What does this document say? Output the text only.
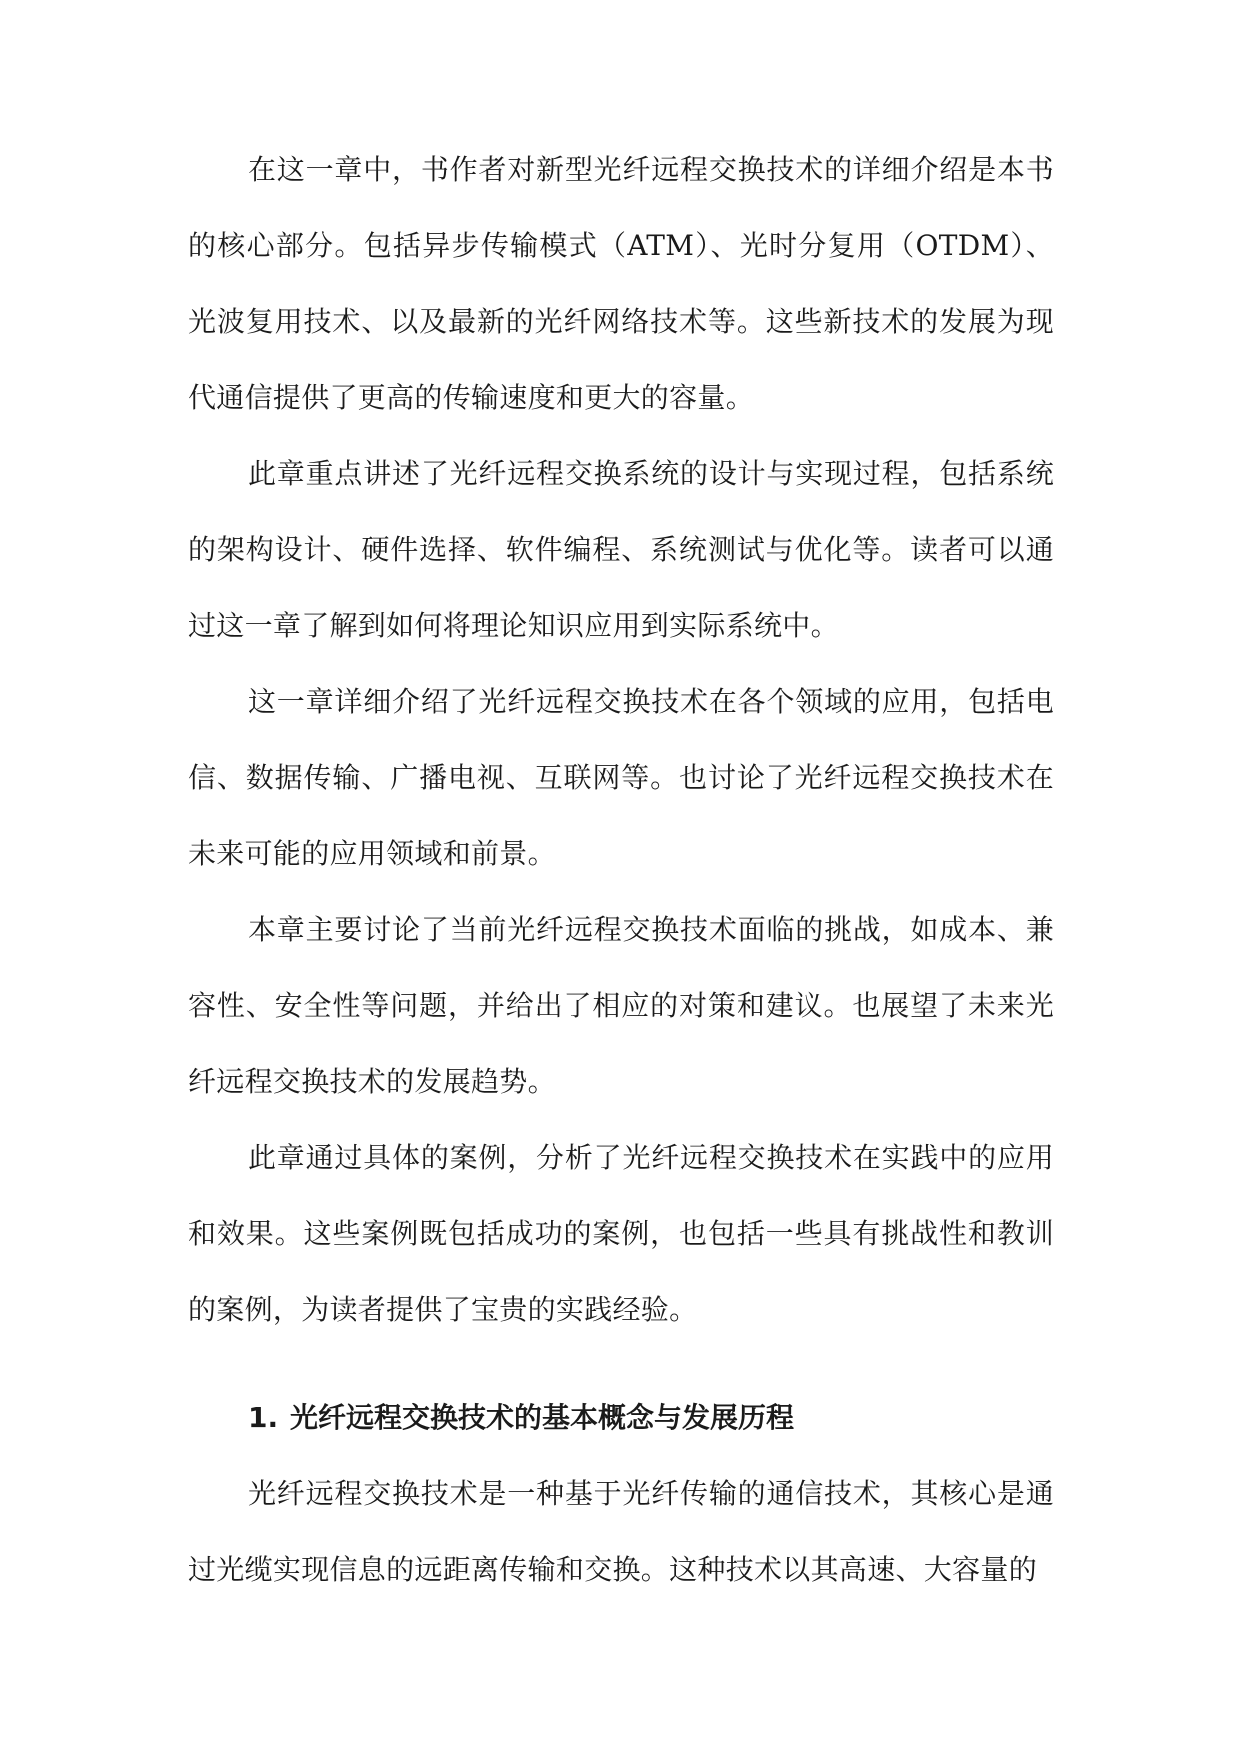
在这一章中，书作者对新型光纤远程交换技术的详细介绍是本书的核心部分。包括异步传输模式（ATM）、光时分复用（OTDM）、光波复用技术、以及最新的光纤网络技术等。这些新技术的发展为现代通信提供了更高的传输速度和更大的容量。

此章重点讲述了光纤远程交换系统的设计与实现过程，包括系统的架构设计、硬件选择、软件编程、系统测试与优化等。读者可以通过这一章了解到如何将理论知识应用到实际系统中。

这一章详细介绍了光纤远程交换技术在各个领域的应用，包括电信、数据传输、广播电视、互联网等。也讨论了光纤远程交换技术在未来可能的应用领域和前景。

本章主要讨论了当前光纤远程交换技术面临的挑战，如成本、兼容性、安全性等问题，并给出了相应的对策和建议。也展望了未来光纤远程交换技术的发展趋势。

此章通过具体的案例，分析了光纤远程交换技术在实践中的应用和效果。这些案例既包括成功的案例，也包括一些具有挑战性和教训的案例，为读者提供了宝贵的实践经验。

1. 光纤远程交换技术的基本概念与发展历程

光纤远程交换技术是一种基于光纤传输的通信技术，其核心是通过光缆实现信息的远距离传输和交换。这种技术以其高速、大容量的
